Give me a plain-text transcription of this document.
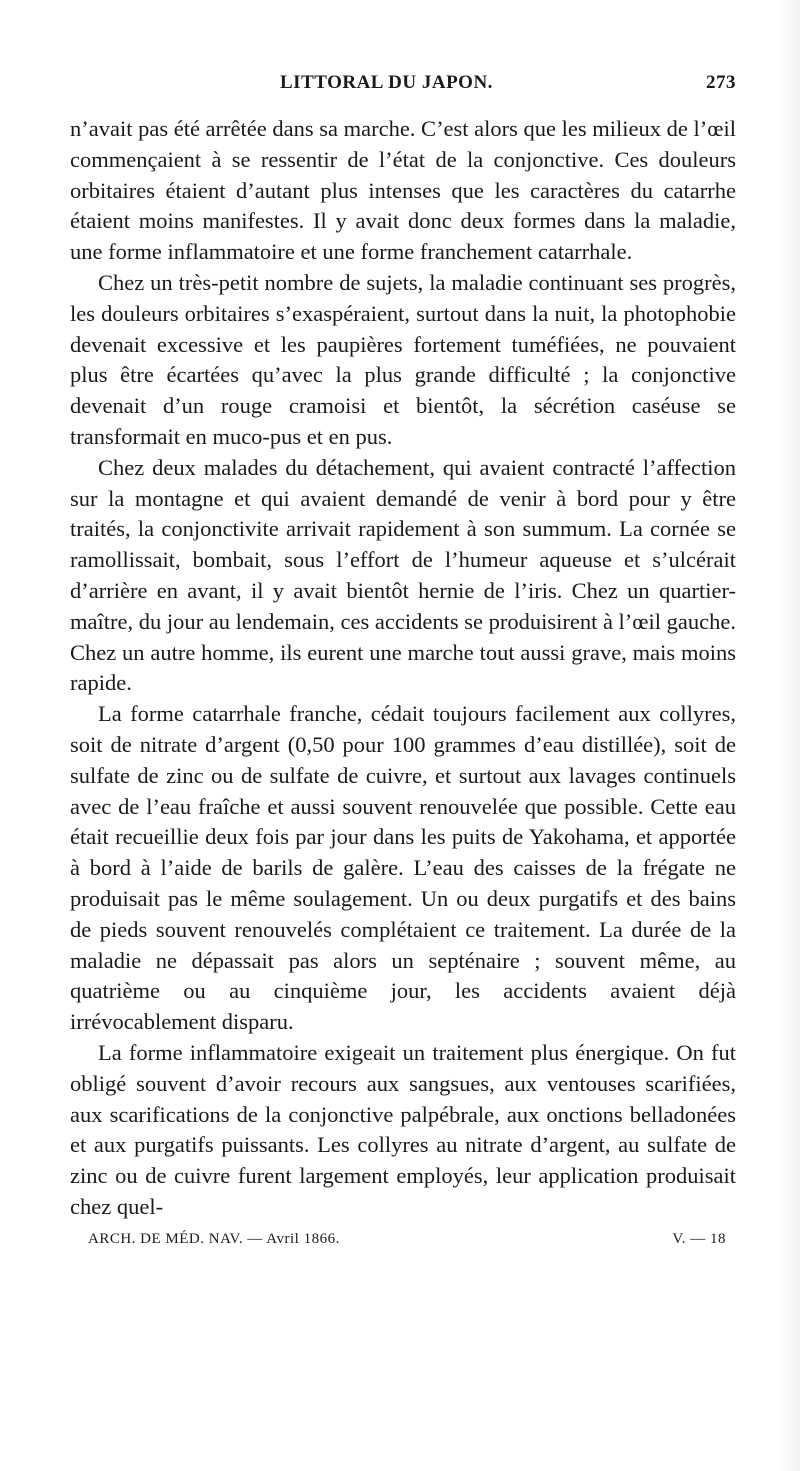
LITTORAL DU JAPON.	273

n’avait pas été arrêtée dans sa marche. C’est alors que les milieux de l’œil commençaient à se ressentir de l’état de la conjonctive. Ces douleurs orbitaires étaient d’autant plus intenses que les caractères du catarrhe étaient moins manifestes. Il y avait donc deux formes dans la maladie, une forme inflammatoire et une forme franchement catarrhale.

Chez un très-petit nombre de sujets, la maladie continuant ses progrès, les douleurs orbitaires s’exaspéraient, surtout dans la nuit, la photophobie devenait excessive et les paupières fortement tuméfiées, ne pouvaient plus être écartées qu’avec la plus grande difficulté ; la conjonctive devenait d’un rouge cramoisi et bientôt, la sécrétion caséuse se transformait en muco-pus et en pus.

Chez deux malades du détachement, qui avaient contracté l’affection sur la montagne et qui avaient demandé de venir à bord pour y être traités, la conjonctivite arrivait rapidement à son summum. La cornée se ramollissait, bombait, sous l’effort de l’humeur aqueuse et s’ulcérait d’arrière en avant, il y avait bientôt hernie de l’iris. Chez un quartier-maître, du jour au lendemain, ces accidents se produisirent à l’œil gauche. Chez un autre homme, ils eurent une marche tout aussi grave, mais moins rapide.

La forme catarrhale franche, cédait toujours facilement aux collyres, soit de nitrate d’argent (0,50 pour 100 grammes d’eau distillée), soit de sulfate de zinc ou de sulfate de cuivre, et surtout aux lavages continuels avec de l’eau fraîche et aussi souvent renouvelée que possible. Cette eau était recueillie deux fois par jour dans les puits de Yakohama, et apportée à bord à l’aide de barils de galère. L’eau des caisses de la frégate ne produisait pas le même soulagement. Un ou deux purgatifs et des bains de pieds souvent renouvelés complétaient ce traitement. La durée de la maladie ne dépassait pas alors un septénaire ; souvent même, au quatrième ou au cinquième jour, les accidents avaient déjà irrévocablement disparu.

La forme inflammatoire exigeait un traitement plus énergique. On fut obligé souvent d’avoir recours aux sangsues, aux ventouses scarifiées, aux scarifications de la conjonctive palpébrale, aux onctions belladonées et aux purgatifs puissants. Les collyres au nitrate d’argent, au sulfate de zinc ou de cuivre furent largement employés, leur application produisait chez quel-

ARCH. DE MÉD. NAV. — Avril 1866.	V. — 18
